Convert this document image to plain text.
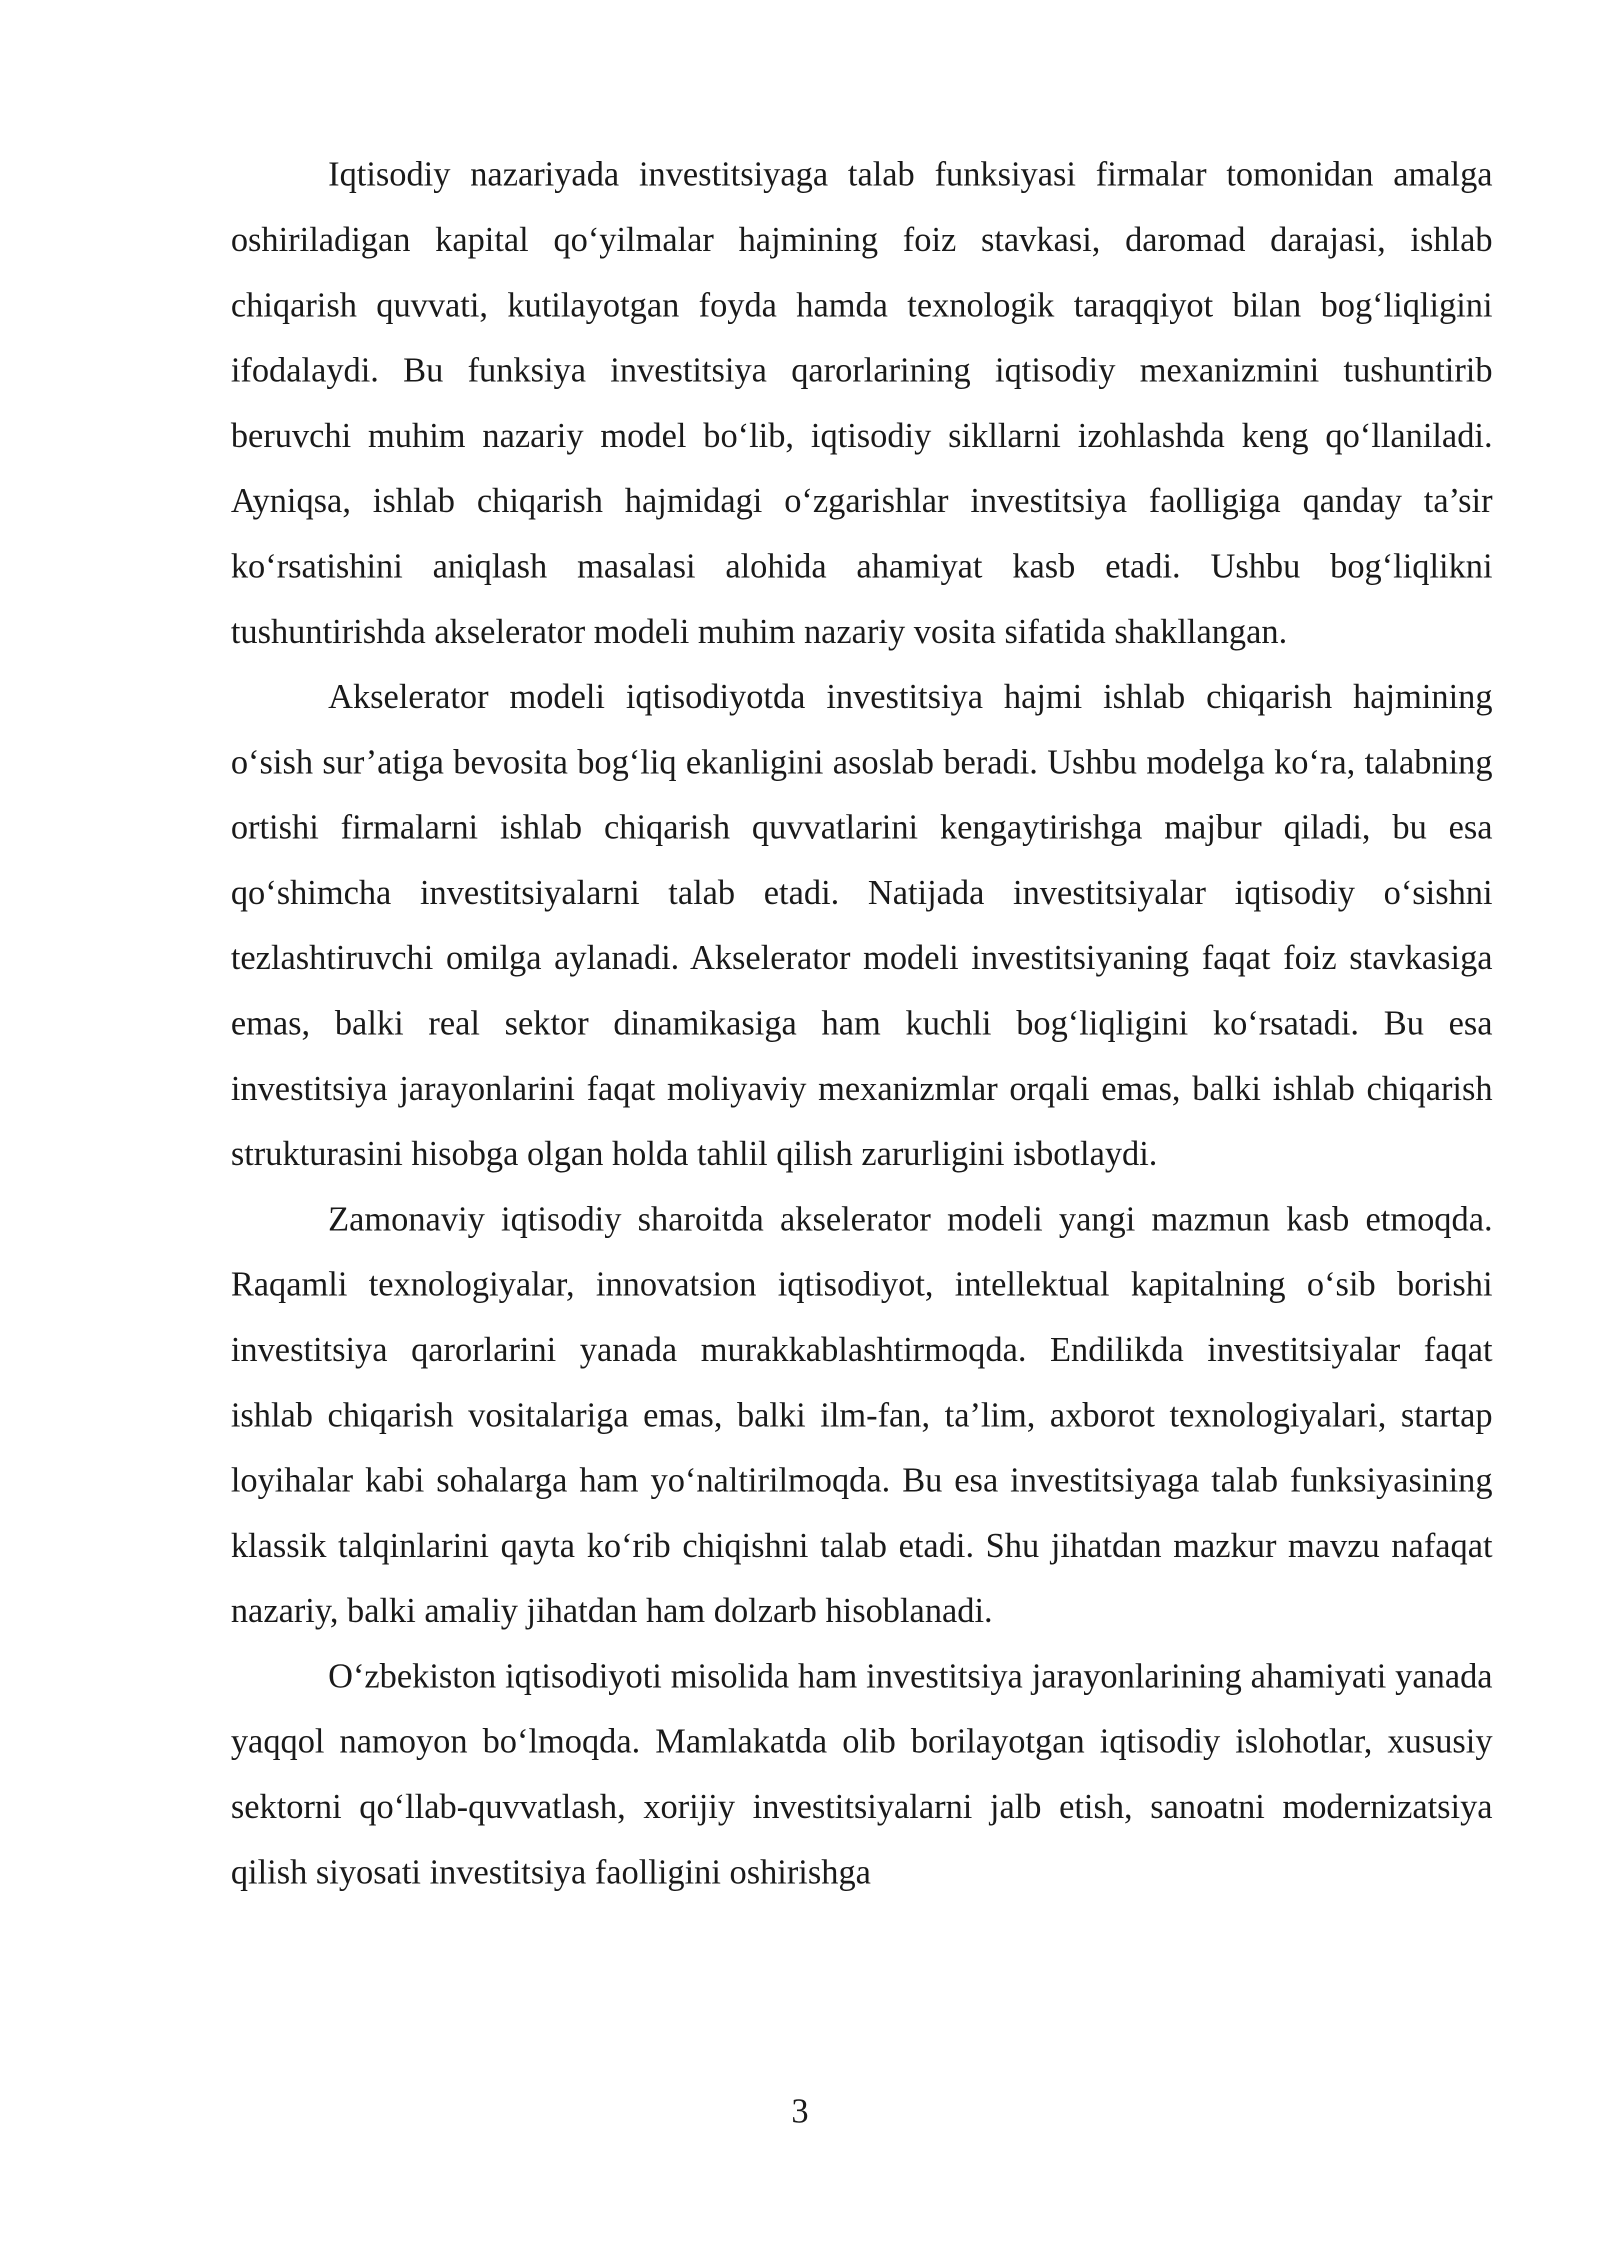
Iqtisodiy nazariyada investitsiyaga talab funksiyasi firmalar tomonidan amalga oshiriladigan kapital qo‘yilmalar hajmining foiz stavkasi, daromad darajasi, ishlab chiqarish quvvati, kutilayotgan foyda hamda texnologik taraqqiyot bilan bog‘liqligini ifodalaydi. Bu funksiya investitsiya qarorlarining iqtisodiy mexanizmini tushuntirib beruvchi muhim nazariy model bo‘lib, iqtisodiy sikllarni izohlashda keng qo‘llaniladi. Ayniqsa, ishlab chiqarish hajmidagi o‘zgarishlar investitsiya faolligiga qanday ta’sir ko‘rsatishini aniqlash masalasi alohida ahamiyat kasb etadi. Ushbu bog‘liqlikni tushuntirishda akselerator modeli muhim nazariy vosita sifatida shakllangan.

Akselerator modeli iqtisodiyotda investitsiya hajmi ishlab chiqarish hajmining o‘sish sur’atiga bevosita bog‘liq ekanligini asoslab beradi. Ushbu modelga ko‘ra, talabning ortishi firmalarni ishlab chiqarish quvvatlarini kengaytirishga majbur qiladi, bu esa qo‘shimcha investitsiyalarni talab etadi. Natijada investitsiyalar iqtisodiy o‘sishni tezlashtiruvchi omilga aylanadi. Akselerator modeli investitsiyaning faqat foiz stavkasiga emas, balki real sektor dinamikasiga ham kuchli bog‘liqligini ko‘rsatadi. Bu esa investitsiya jarayonlarini faqat moliyaviy mexanizmlar orqali emas, balki ishlab chiqarish strukturasini hisobga olgan holda tahlil qilish zarurligini isbotlaydi.

Zamonaviy iqtisodiy sharoitda akselerator modeli yangi mazmun kasb etmoqda. Raqamli texnologiyalar, innovatsion iqtisodiyot, intellektual kapitalning o‘sib borishi investitsiya qarorlarini yanada murakkablashtirmoqda. Endilikda investitsiyalar faqat ishlab chiqarish vositalariga emas, balki ilm-fan, ta’lim, axborot texnologiyalari, startap loyihalar kabi sohalarga ham yo‘naltirilmoqda. Bu esa investitsiyaga talab funksiyasining klassik talqinlarini qayta ko‘rib chiqishni talab etadi. Shu jihatdan mazkur mavzu nafaqat nazariy, balki amaliy jihatdan ham dolzarb hisoblanadi.

O‘zbekiston iqtisodiyoti misolida ham investitsiya jarayonlarining ahamiyati yanada yaqqol namoyon bo‘lmoqda. Mamlakatda olib borilayotgan iqtisodiy islohotlar, xususiy sektorni qo‘llab-quvvatlash, xorijiy investitsiyalarni jalb etish, sanoatni modernizatsiya qilish siyosati investitsiya faolligini oshirishga

3
